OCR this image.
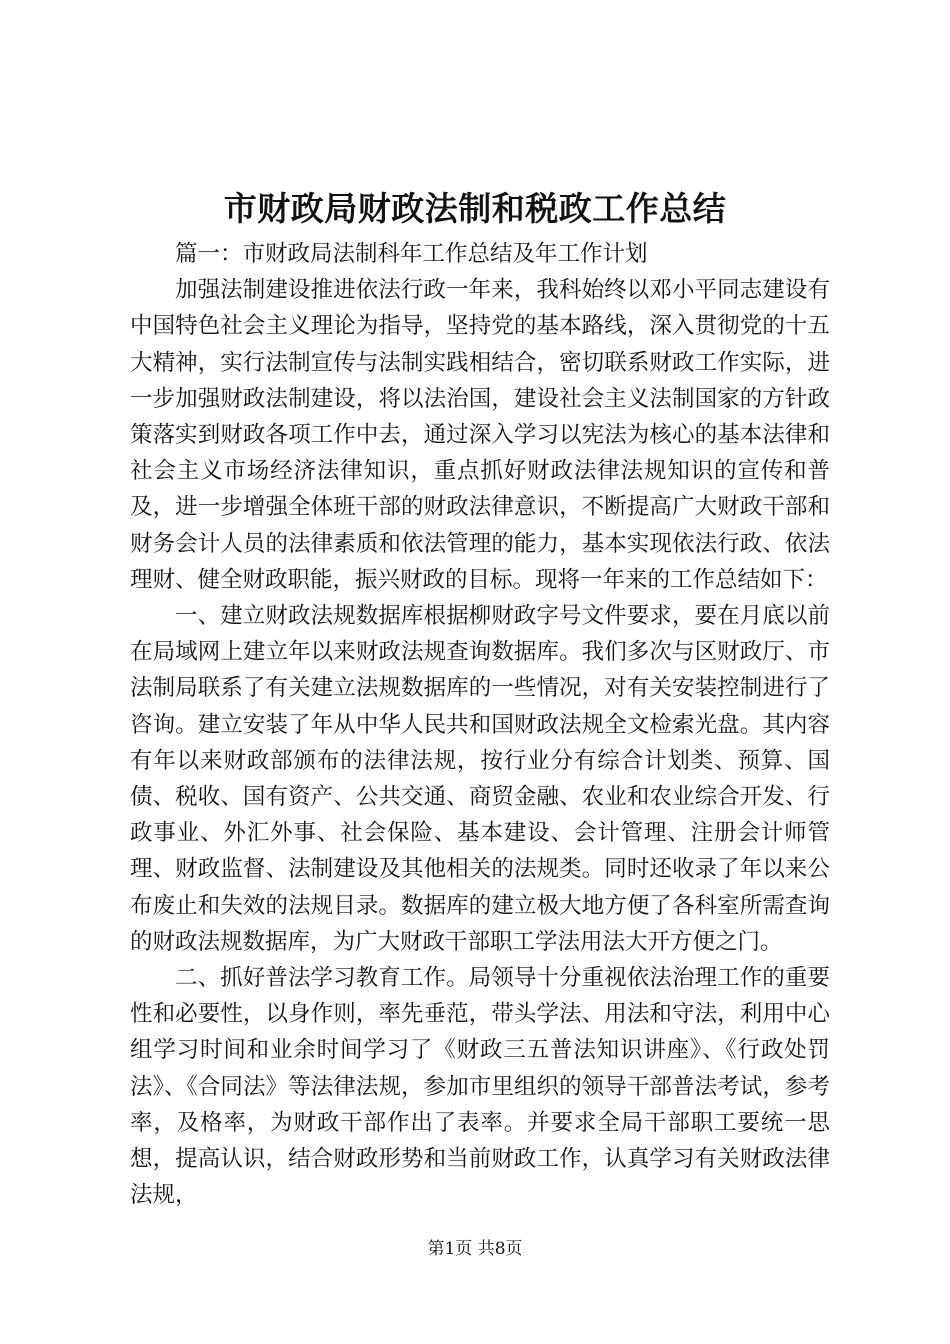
市财政局财政法制和税政工作总结

篇一：市财政局法制科年工作总结及年工作计划

加强法制建设推进依法行政一年来，我科始终以邓小平同志建设有中国特色社会主义理论为指导，坚持党的基本路线，深入贯彻党的十五大精神，实行法制宣传与法制实践相结合，密切联系财政工作实际，进一步加强财政法制建设，将以法治国，建设社会主义法制国家的方针政策落实到财政各项工作中去，通过深入学习以宪法为核心的基本法律和社会主义市场经济法律知识，重点抓好财政法律法规知识的宣传和普及，进一步增强全体班干部的财政法律意识，不断提高广大财政干部和财务会计人员的法律素质和依法管理的能力，基本实现依法行政、依法理财、健全财政职能，振兴财政的目标。现将一年来的工作总结如下：

一、建立财政法规数据库根据柳财政字号文件要求，要在月底以前在局域网上建立年以来财政法规查询数据库。我们多次与区财政厅、市法制局联系了有关建立法规数据库的一些情况，对有关安装控制进行了咨询。建立安装了年从中华人民共和国财政法规全文检索光盘。其内容有年以来财政部颁布的法律法规，按行业分有综合计划类、预算、国债、税收、国有资产、公共交通、商贸金融、农业和农业综合开发、行政事业、外汇外事、社会保险、基本建设、会计管理、注册会计师管理、财政监督、法制建设及其他相关的法规类。同时还收录了年以来公布废止和失效的法规目录。数据库的建立极大地方便了各科室所需查询的财政法规数据库，为广大财政干部职工学法用法大开方便之门。

二、抓好普法学习教育工作。局领导十分重视依法治理工作的重要性和必要性，以身作则，率先垂范，带头学法、用法和守法，利用中心组学习时间和业余时间学习了《财政三五普法知识讲座》、《行政处罚法》、《合同法》等法律法规，参加市里组织的领导干部普法考试，参考率，及格率，为财政干部作出了表率。并要求全局干部职工要统一思想，提高认识，结合财政形势和当前财政工作，认真学习有关财政法律法规，

第1页 共8页
